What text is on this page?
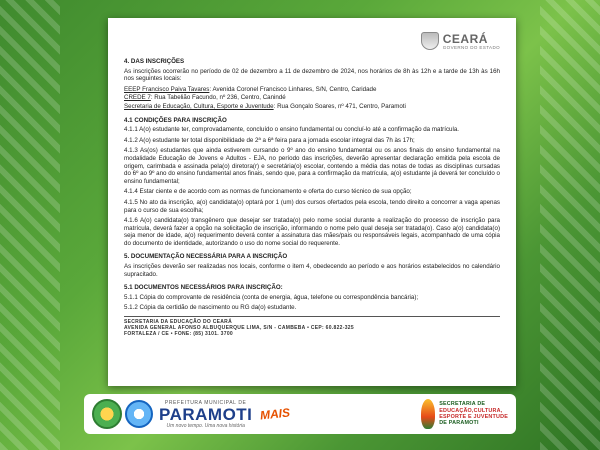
CEARÁ
GOVERNO DO ESTADO
4. DAS INSCRIÇÕES

As inscrições ocorrerão no período de 02 de dezembro a 11 de dezembro de 2024, nos horários de 8h às 12h e a tarde de 13h às 16h nos seguintes locais:

EEEP Francisco Paiva Tavares: Avenida Coronel Francisco Linhares, S/N, Centro, Caridade

CREDE 7: Rua Tabelião Facundo, nº 236, Centro, Canindé

Secretaria de Educação, Cultura, Esporte e Juventude: Rua Gonçalo Soares, nº 471, Centro, Paramoti

4.1 CONDIÇÕES PARA INSCRIÇÃO

4.1.1 A(o) estudante ter, comprovadamente, concluído o ensino fundamental ou concluí-lo até a confirmação da matrícula.

4.1.2 A(o) estudante ter total disponibilidade de 2ª a 6ª feira para a jornada escolar integral das 7h às 17h;

4.1.3 As(os) estudantes que ainda estiverem cursando o 9º ano do ensino fundamental ou os anos finais do ensino fundamental na modalidade Educação de Jovens e Adultos - EJA, no período das inscrições, deverão apresentar declaração emitida pela escola de origem, carimbada e assinada pela(o) diretora(r) e secretária(o) escolar, contendo a média das notas de todas as disciplinas cursadas do 6º ao 9º ano do ensino fundamental anos finais, sendo que, para a confirmação da matrícula, a(o) estudante já deverá ter concluído o ensino fundamental;

4.1.4 Estar ciente e de acordo com as normas de funcionamento e oferta do curso técnico de sua opção;

4.1.5 No ato da inscrição, a(o) candidata(o) optará por 1 (um) dos cursos ofertados pela escola, tendo direito a concorrer a vaga apenas para o curso de sua escolha;

4.1.6 A(o) candidata(o) transgênero que desejar ser tratada(o) pelo nome social durante a realização do processo de inscrição para matrícula, deverá fazer a opção na solicitação de inscrição, informando o nome pelo qual deseja ser tratada(o). Caso a(o) candidata(o) seja menor de idade, a(o) requerimento deverá conter a assinatura das mães/pais ou responsáveis legais, acompanhado de uma cópia do documento de identidade, autorizando o uso do nome social do requerente.

5. DOCUMENTAÇÃO NECESSÁRIA PARA A INSCRIÇÃO

As inscrições deverão ser realizadas nos locais, conforme o item 4, obedecendo ao período e aos horários estabelecidos no calendário supracitado.

5.1 DOCUMENTOS NECESSÁRIOS PARA INSCRIÇÃO:

5.1.1 Cópia do comprovante de residência (conta de energia, água, telefone ou correspondência bancária);

5.1.2 Cópia da certidão de nascimento ou RG da(o) estudante.

SECRETARIA DA EDUCAÇÃO DO CEARÁ
AVENIDA GENERAL AFONSO ALBUQUERQUE LIMA, S/N - CAMBEBA • CEP: 60.822-325
FORTALEZA / CE • FONE: (85) 3101. 3700
PREFEITURA MUNICIPAL DE
PARAMOTI
Um novo tempo. Uma nova história
MAIS
SECRETARIA DE
EDUCAÇÃO,CULTURA,
ESPORTE E JUVENTUDE
DE PARAMOTI
